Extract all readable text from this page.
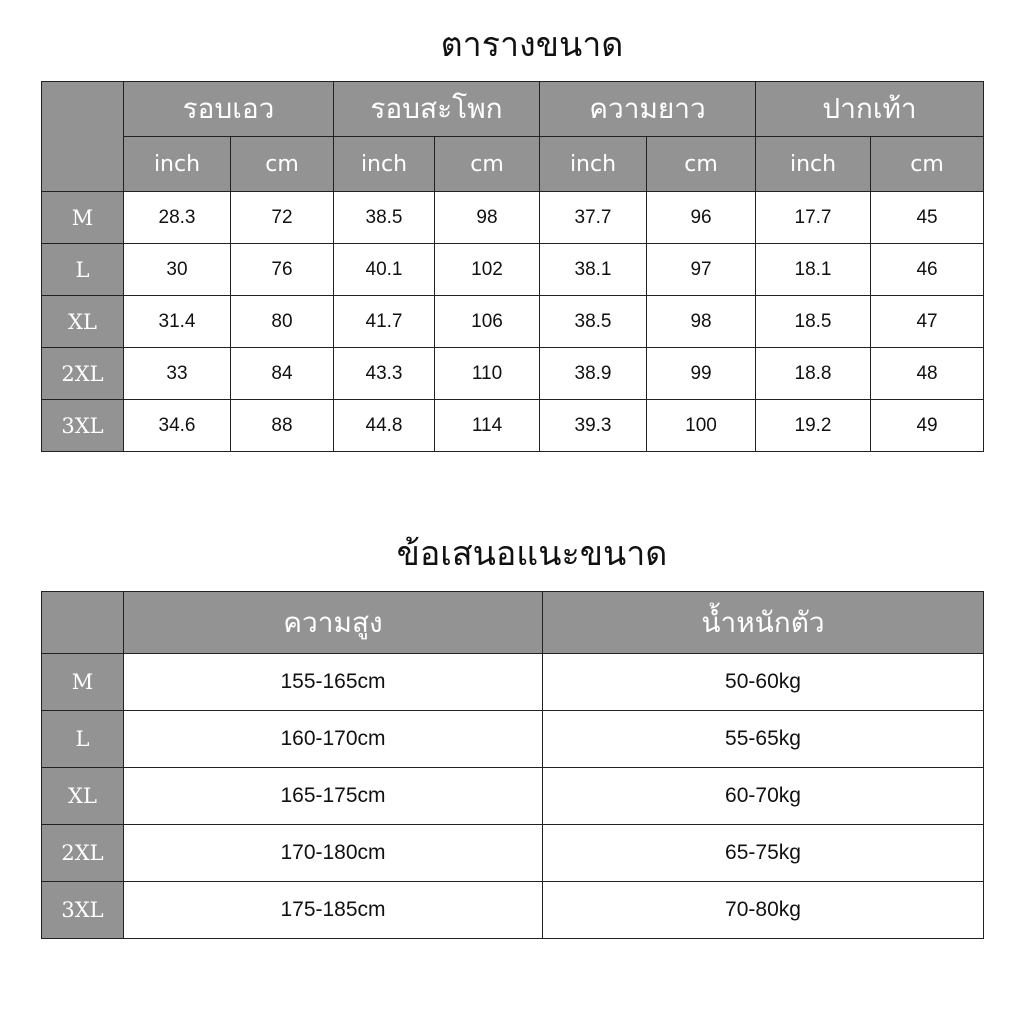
ตารางขนาด
	รอบเอว		รอบสะโพก		ความยาว		ปากเท้า	
	inch	cm	inch	cm	inch	cm	inch	cm
M	28.3	72	38.5	98	37.7	96	17.7	45
L	30	76	40.1	102	38.1	97	18.1	46
XL	31.4	80	41.7	106	38.5	98	18.5	47
2XL	33	84	43.3	110	38.9	99	18.8	48
3XL	34.6	88	44.8	114	39.3	100	19.2	49
ข้อเสนอแนะขนาด
	ความสูง	น้ำหนักตัว
M	155-165cm	50-60kg
L	160-170cm	55-65kg
XL	165-175cm	60-70kg
2XL	170-180cm	65-75kg
3XL	175-185cm	70-80kg
